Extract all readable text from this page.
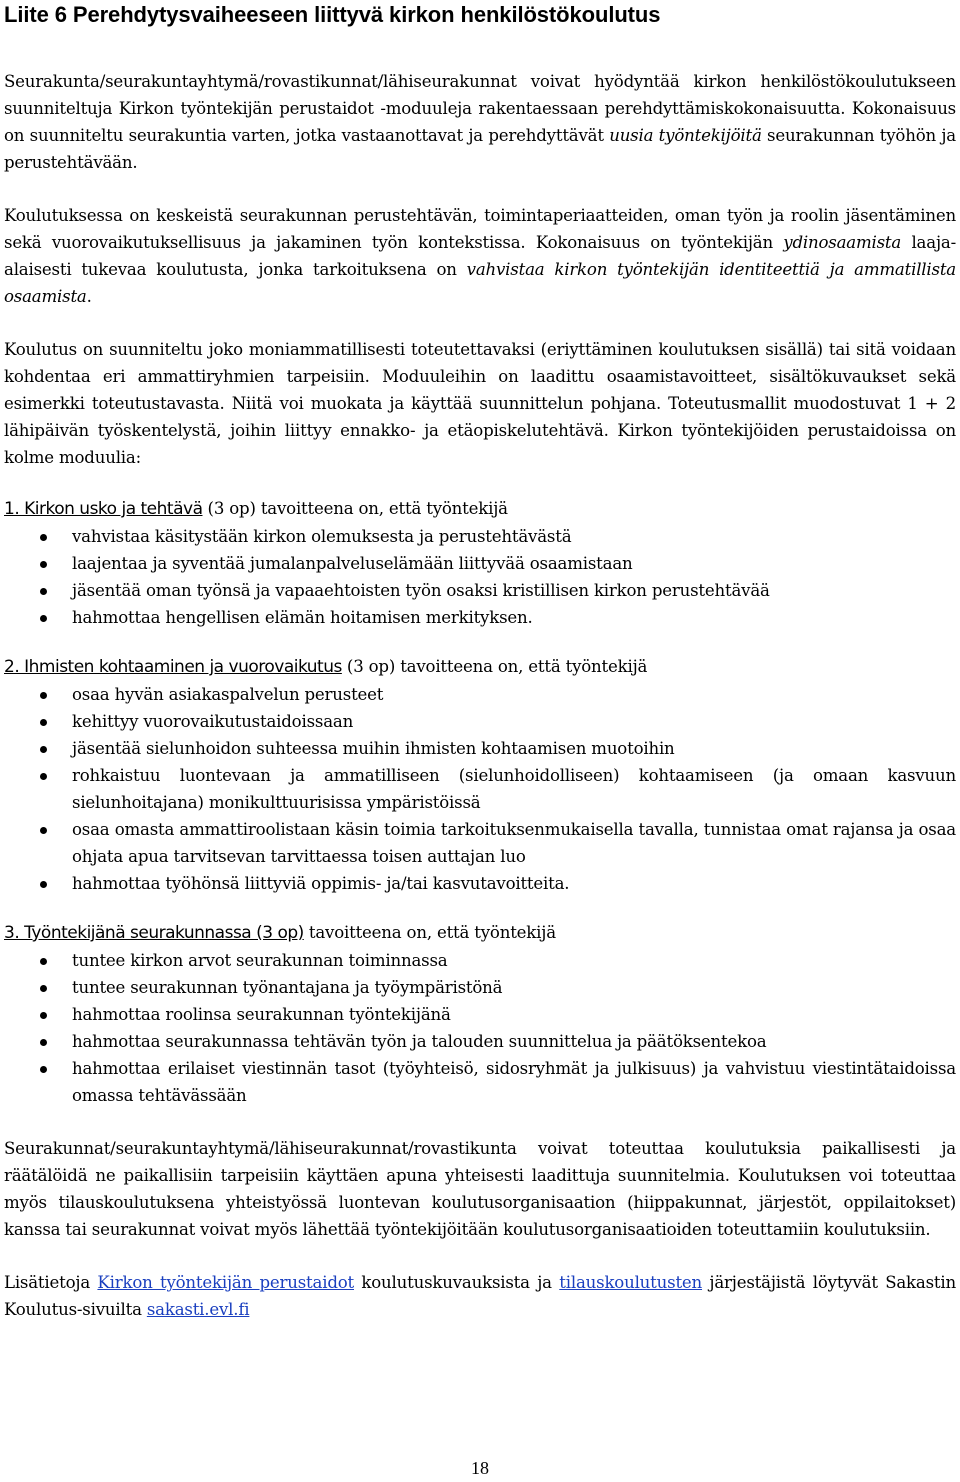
Liite 6 Perehdytysvaiheeseen liittyvä kirkon henkilöstökoulutus

Seurakunta/seurakuntayhtymä/rovastikunnat/lähiseurakunnat voivat hyödyntää kirkon henkilöstökoulutukseen suunniteltuja Kirkon työntekijän perustaidot -moduuleja rakentaessaan perehdyttämiskokonaisuutta. Kokonaisuus on suunniteltu seurakuntia varten, jotka vastaanottavat ja perehdyttävät uusia työntekijöitä seurakunnan työhön ja perustehtävään.

Koulutuksessa on keskeistä seurakunnan perustehtävän, toimintaperiaatteiden, oman työn ja roolin jäsentäminen sekä vuorovaikutuksellisuus ja jakaminen työn kontekstissa. Kokonaisuus on työntekijän ydinosaamista laaja-alaisesti tukevaa koulutusta, jonka tarkoituksena on vahvistaa kirkon työntekijän identiteettiä ja ammatillista osaamista.

Koulutus on suunniteltu joko moniammatillisesti toteutettavaksi (eriyttäminen koulutuksen sisällä) tai sitä voidaan kohdentaa eri ammattiryhmien tarpeisiin. Moduuleihin on laadittu osaamistavoitteet, sisältökuvaukset sekä esimerkki toteutustavasta. Niitä voi muokata ja käyttää suunnittelun pohjana. Toteutusmallit muodostuvat 1 + 2 lähipäivän työskentelystä, joihin liittyy ennakko- ja etäopiskelutehtävä. Kirkon työntekijöiden perustaidoissa on kolme moduulia:

1. Kirkon usko ja tehtävä (3 op) tavoitteena on, että työntekijä
vahvistaa käsitystään kirkon olemuksesta ja perustehtävästä
laajentaa ja syventää jumalanpalveluselämään liittyvää osaamistaan
jäsentää oman työnsä ja vapaaehtoisten työn osaksi kristillisen kirkon perustehtävää
hahmottaa hengellisen elämän hoitamisen merkityksen.
2. Ihmisten kohtaaminen ja vuorovaikutus (3 op) tavoitteena on, että työntekijä
osaa hyvän asiakaspalvelun perusteet
kehittyy vuorovaikutustaidoissaan
jäsentää sielunhoidon suhteessa muihin ihmisten kohtaamisen muotoihin
rohkaistuu luontevaan ja ammatilliseen (sielunhoidolliseen) kohtaamiseen (ja omaan kasvuun sielunhoitajana) monikulttuurisissa ympäristöissä
osaa omasta ammattiroolistaan käsin toimia tarkoituksenmukaisella tavalla, tunnistaa omat rajansa ja osaa ohjata apua tarvitsevan tarvittaessa toisen auttajan luo
hahmottaa työhönsä liittyviä oppimis- ja/tai kasvutavoitteita.
3. Työntekijänä seurakunnassa (3 op) tavoitteena on, että työntekijä
tuntee kirkon arvot seurakunnan toiminnassa
tuntee seurakunnan työnantajana ja työympäristönä
hahmottaa roolinsa seurakunnan työntekijänä
hahmottaa seurakunnassa tehtävän työn ja talouden suunnittelua ja päätöksentekoa
hahmottaa erilaiset viestinnän tasot (työyhteisö, sidosryhmät ja julkisuus) ja vahvistuu viestintätaidoissa omassa tehtävässään

Seurakunnat/seurakuntayhtymä/lähiseurakunnat/rovastikunta voivat toteuttaa koulutuksia paikallisesti ja räätälöidä ne paikallisiin tarpeisiin käyttäen apuna yhteisesti laadittuja suunnitelmia. Koulutuksen voi toteuttaa myös tilauskoulutuksena yhteistyössä luontevan koulutusorganisaation (hiippakunnat, järjestöt, oppilaitokset) kanssa tai seurakunnat voivat myös lähettää työntekijöitään koulutusorganisaatioiden toteuttamiin koulutuksiin.

Lisätietoja Kirkon työntekijän perustaidot koulutuskuvauksista ja tilauskoulutusten järjestäjistä löytyvät Sakastin Koulutus-sivuilta sakasti.evl.fi

18
